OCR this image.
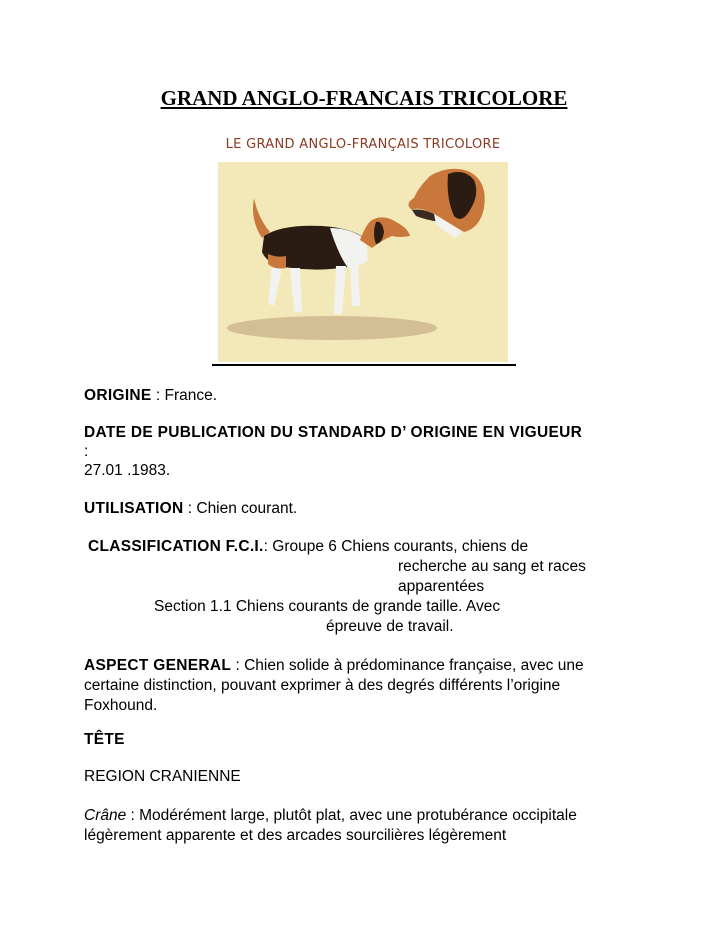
GRAND ANGLO-FRANCAIS TRICOLORE
LE GRAND ANGLO-FRANÇAIS TRICOLORE
ORIGINE : France.
DATE DE PUBLICATION DU STANDARD D’ ORIGINE EN VIGUEUR
:
27.01 .1983.
UTILISATION : Chien courant.
CLASSIFICATION F.C.I.: Groupe 6 Chiens courants, chiens de
recherche au sang et races
apparentées
Section 1.1 Chiens courants de grande taille. Avec
épreuve de travail.
ASPECT GENERAL : Chien solide à prédominance française, avec une
certaine distinction, pouvant exprimer à des degrés différents l’origine
Foxhound.
TÊTE
REGION CRANIENNE
Crâne : Modérément large, plutôt plat, avec une protubérance occipitale
légèrement apparente et des arcades sourcilières légèrement
